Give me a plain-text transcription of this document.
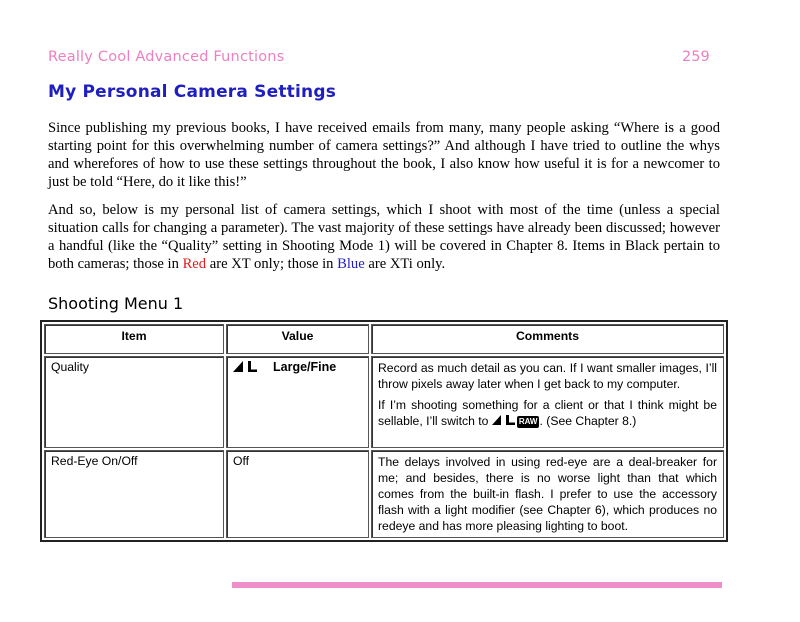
Really Cool Advanced Functions	259
My Personal Camera Settings

Since publishing my previous books, I have received emails from many, many people asking “Where is a good starting point for this overwhelming number of camera settings?” And although I have tried to outline the whys and wherefores of how to use these settings throughout the book, I also know how useful it is for a newcomer to just be told “Here, do it like this!”

And so, below is my personal list of camera settings, which I shoot with most of the time (unless a special situation calls for changing a parameter). The vast majority of these settings have already been discussed; however a handful (like the “Quality” setting in Shooting Mode 1) will be covered in Chapter 8. Items in Black pertain to both cameras; those in Red are XT only; those in Blue are XTi only.

Shooting Menu 1
Item	Value	Comments
Quality	Large/Fine	Record as much detail as you can. If I want smaller images, I’ll throw pixels away later when I get back to my computer.

If I’m shooting something for a client or that I think might be sellable, I’ll switch to RAW . (See Chapter 8.)

Red-Eye On/Off	Off	The delays involved in using red-eye are a deal-breaker for me; and besides, there is no worse light than that which comes from the built-in flash. I prefer to use the accessory flash with a light modifier (see Chapter 6), which produces no redeye and has more pleasing lighting to boot.
